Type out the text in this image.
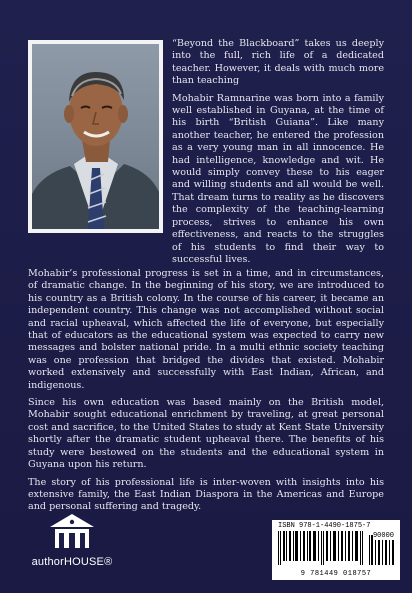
“Beyond the Blackboard” takes us deeply into the full, rich life of a dedicated teacher. However, it deals with much more than teaching

Mohabir Ramnarine was born into a family well established in Guyana, at the time of his birth “British Guiana”. Like many another teacher, he entered the profession as a very young man in all innocence. He had intelligence, knowledge and wit. He would simply convey these to his eager and willing students and all would be well. That dream turns to reality as he discovers the complexity of the teaching-learning process, strives to enhance his own effectiveness, and reacts to the struggles of his students to find their way to successful lives.

Mohabir’s professional progress is set in a time, and in circumstances, of dramatic change. In the beginning of his story, we are introduced to his country as a British colony. In the course of his career, it became an independent country. This change was not accomplished without social and racial upheaval, which affected the life of everyone, but especially that of educators as the educational system was expected to carry new messages and bolster national pride. In a multi ethnic society teaching was one profession that bridged the divides that existed. Mohabir worked extensively and successfully with East Indian, African, and indigenous.

Since his own education was based mainly on the British model, Mohabir sought educational enrichment by traveling, at great personal cost and sacrifice, to the United States to study at Kent State University shortly after the dramatic student upheaval there. The benefits of his study were bestowed on the students and the educational system in Guyana upon his return.

The story of his professional life is inter-woven with insights into his extensive family, the East Indian Diaspora in the Americas and Europe and personal suffering and tragedy.

authorHOUSE®
ISBN 978-1-4490-1875-7
9 781449 018757
90000
